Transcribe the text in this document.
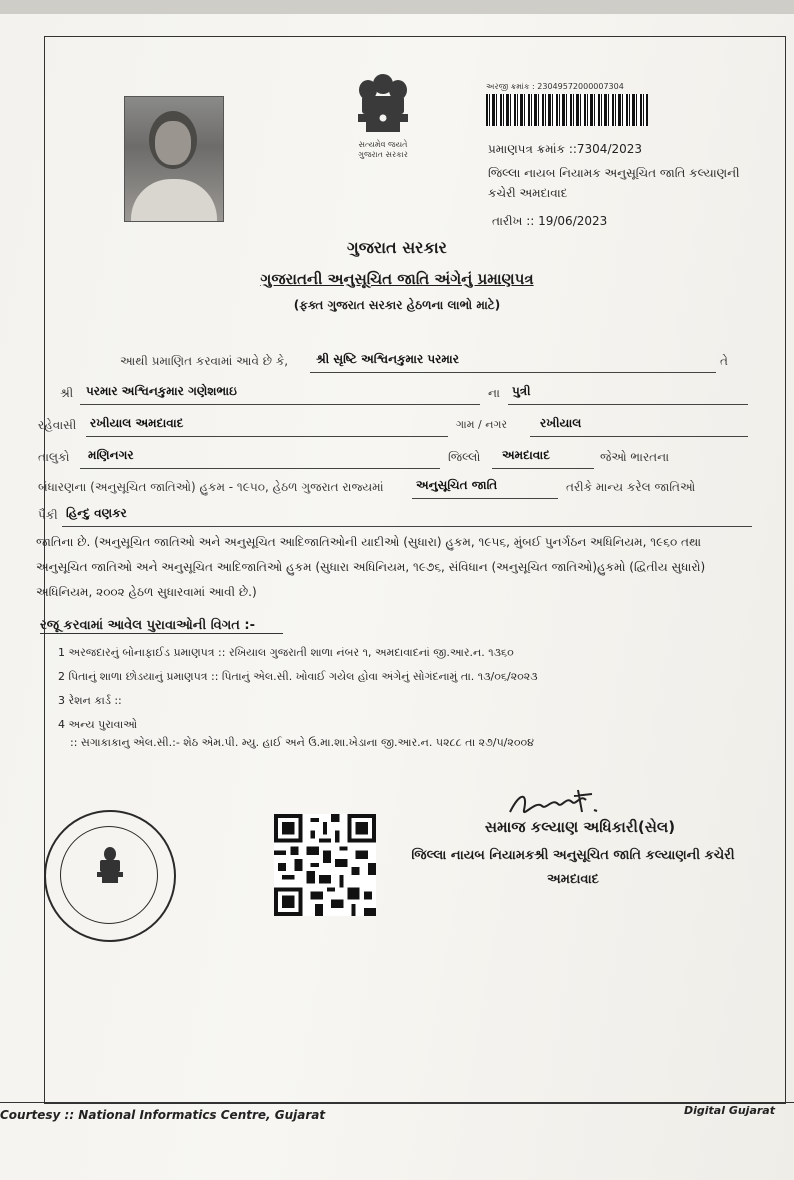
સત્યમેવ જયતે
ગુજરાત સરકાર
અરજી ક્રમાંક : 23049572000007304
પ્રમાણપત્ર ક્રમાંક ::7304/2023
જિલ્લા નાયબ નિયામક અનુસૂચિત જાતિ કલ્યાણની
કચેરી અમદાવાદ
તારીખ :: 19/06/2023
ગુજરાત સરકાર
ગુજરાતની અનુસૂચિત જાતિ અંગેનું પ્રમાણપત્ર
(ફક્ત ગુજરાત સરકાર હેઠળના લાભો માટે)
આથી પ્રમાણિત કરવામાં આવે છે કે, શ્રી સૃષ્ટિ અશ્વિનકુમાર પરમાર	તે
શ્રી પરમાર અશ્વિનકુમાર ગણેશભાઇ	ના પુત્રી
રહેવાસી રખીયાલ અમદાવાદ	ગામ / નગર	રખીયાલ
તાલુકો મણિનગર	જિલ્લો અમદાવાદ	જેઓ ભારતના
બંધારણના (અનુસૂચિત જાતિઓ) હુકમ - ૧૯૫૦, હેઠળ ગુજરાત રાજ્યમાં	અનુસૂચિત જાતિ	તરીકે માન્ય કરેલ જાતિઓ
પૈકી હિન્દુ વણકર
જાતિના છે. (અનુસૂચિત જાતિઓ અને અનુસૂચિત આદિજાતિઓની યાદીઓ (સુધારા) હુકમ, ૧૯૫૬, મુંબઈ પુનર્ગઠન અધિનિયમ, ૧૯૬૦ તથા
અનુસૂચિત જાતિઓ અને અનુસૂચિત આદિજાતિઓ હુકમ (સુધારા અધિનિયમ, ૧૯૭૬, સંવિધાન (અનુસૂચિત જાતિઓ)હુકમો (દ્વિતીય સુધારો)
અધિનિયમ, ૨૦૦૨ હેઠળ સુધારવામાં આવી છે.)
રજૂ કરવામાં આવેલ પુરાવાઓની વિગત :-
1 અરજદારનું બોનાફાઈડ પ્રમાણપત્ર :: રખિયાલ ગુજરાતી શાળા નંબર ૧, અમદાવાદનાં જી.આર.ન. ૧૩૬૦
2 પિતાનું શાળા છોડયાનું પ્રમાણપત્ર :: પિતાનું એલ.સી. ખોવાઈ ગયેલ હોવા અંગેનું સોગંદનામું તા. ૧૩/૦૬/૨૦૨૩
3 રેશન કાર્ડ ::
4 અન્ય પુરાવાઓ
:: સગાકાકાનુ એલ.સી.:- શેઠ એમ.પી. મ્યુ. હાઈ અને ઉ.મા.શા.ખેડાના જી.આર.ન. ૫૨૮૮ તા ૨૭/૫/૨૦૦૪
સમાજ કલ્યાણ અધિકારી(સેલ)
જિલ્લા નાયબ નિયામકશ્રી અનુસૂચિત જાતિ કલ્યાણની કચેરી
અમદાવાદ
Courtesy :: National Informatics Centre, Gujarat	Digital Gujarat
